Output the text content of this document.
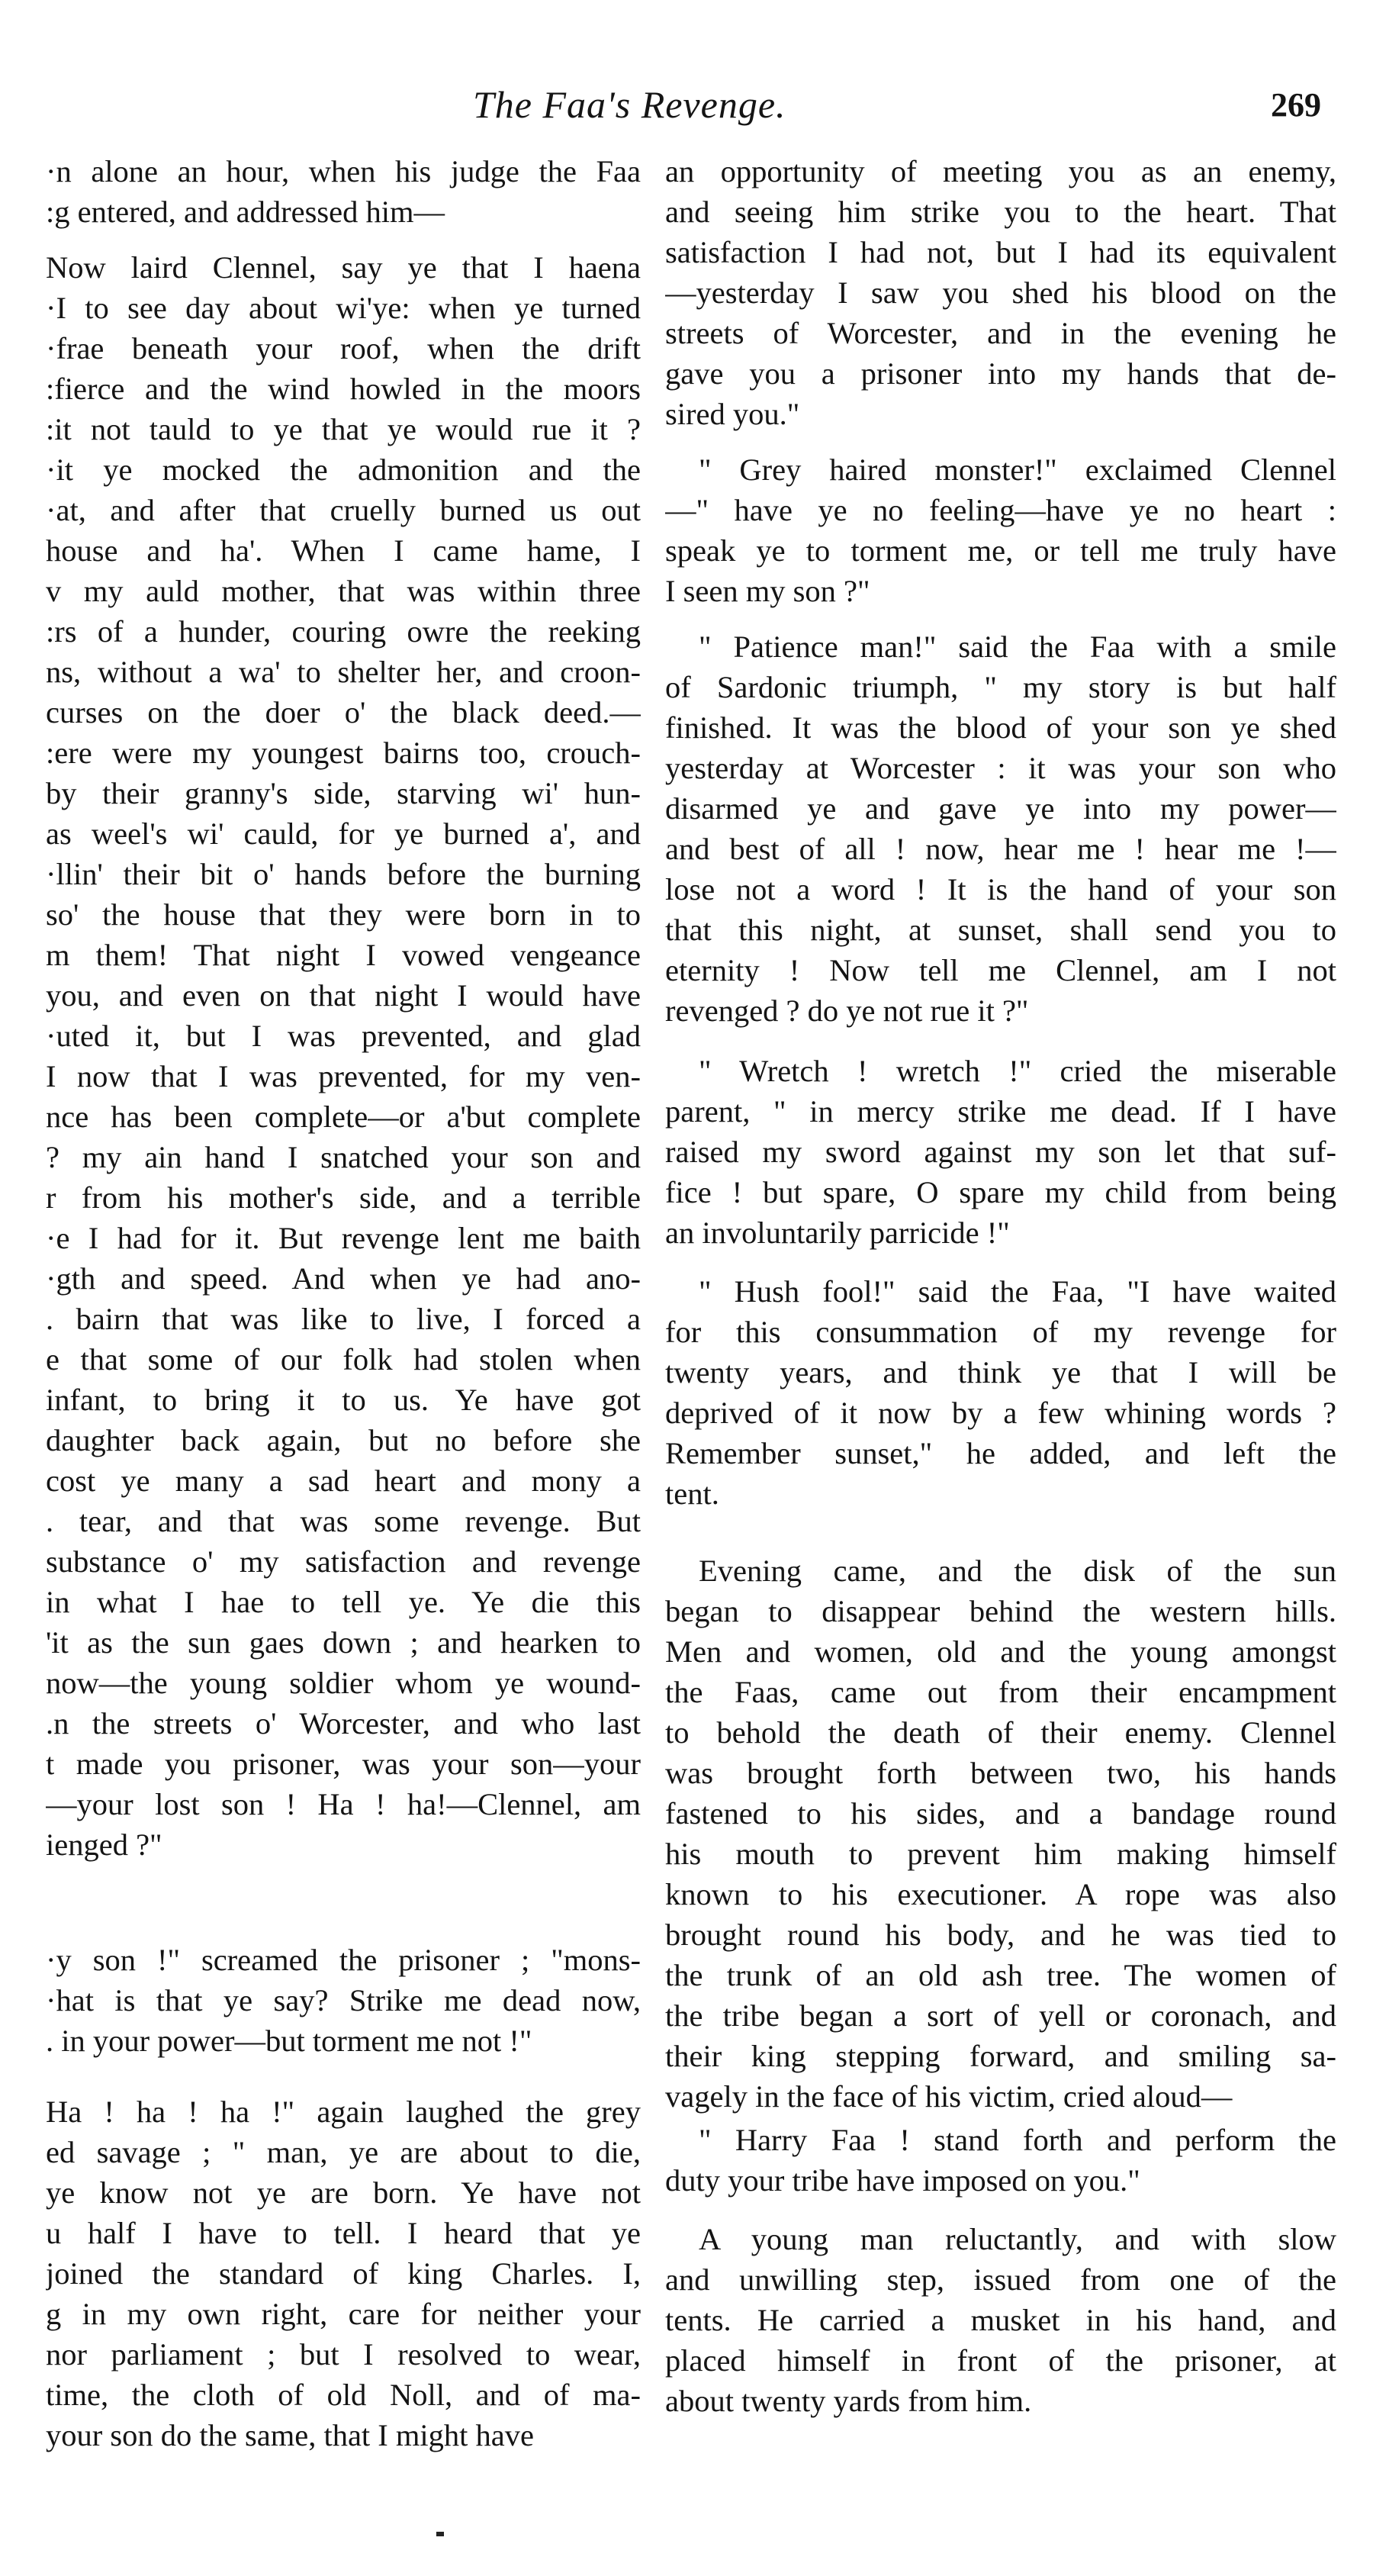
The Faa's Revenge.	269
·n alone an hour, when his judge the Faa
:g entered, and addressed him—
Now laird Clennel, say ye that I haena
·I to see day about wi'ye: when ye turned
·frae beneath your roof, when the drift
:fierce and the wind howled in the moors
:it not tauld to ye that ye would rue it ?
·it ye mocked the admonition and the
·at, and after that cruelly burned us out
house and ha'. When I came hame, I
v my auld mother, that was within three
:rs of a hunder, couring owre the reeking
ns, without a wa' to shelter her, and croon-
curses on the doer o' the black deed.—
:ere were my youngest bairns too, crouch-
by their granny's side, starving wi' hun-
as weel's wi' cauld, for ye burned a', and
·llin' their bit o' hands before the burning
so' the house that they were born in to
m them! That night I vowed vengeance
you, and even on that night I would have
·uted it, but I was prevented, and glad
I now that I was prevented, for my ven-
nce has been complete—or a'but complete
? my ain hand I snatched your son and
r from his mother's side, and a terrible
·e I had for it. But revenge lent me baith
·gth and speed. And when ye had ano-
. bairn that was like to live, I forced a
e that some of our folk had stolen when
infant, to bring it to us. Ye have got
daughter back again, but no before she
cost ye many a sad heart and mony a
. tear, and that was some revenge. But
substance o' my satisfaction and revenge
in what I hae to tell ye. Ye die this
'it as the sun gaes down ; and hearken to
now—the young soldier whom ye wound-
.n the streets o' Worcester, and who last
t made you prisoner, was your son—your
—your lost son ! Ha ! ha!—Clennel, am
ienged ?"
·y son !" screamed the prisoner ; "mons-
·hat is that ye say? Strike me dead now,
. in your power—but torment me not !"
Ha ! ha ! ha !" again laughed the grey
ed savage ; " man, ye are about to die,
ye know not ye are born. Ye have not
u half I have to tell. I heard that ye
joined the standard of king Charles. I,
g in my own right, care for neither your
nor parliament ; but I resolved to wear,
time, the cloth of old Noll, and of ma-
your son do the same, that I might have
an opportunity of meeting you as an enemy,
and seeing him strike you to the heart. That
satisfaction I had not, but I had its equivalent
—yesterday I saw you shed his blood on the
streets of Worcester, and in the evening he
gave you a prisoner into my hands that de-
sired you."
" Grey haired monster!" exclaimed Clennel
—" have ye no feeling—have ye no heart :
speak ye to torment me, or tell me truly have
I seen my son ?"
" Patience man!" said the Faa with a smile
of Sardonic triumph, " my story is but half
finished. It was the blood of your son ye shed
yesterday at Worcester : it was your son who
disarmed ye and gave ye into my power—
and best of all ! now, hear me ! hear me !—
lose not a word ! It is the hand of your son
that this night, at sunset, shall send you to
eternity ! Now tell me Clennel, am I not
revenged ? do ye not rue it ?"
" Wretch ! wretch !" cried the miserable
parent, " in mercy strike me dead. If I have
raised my sword against my son let that suf-
fice ! but spare, O spare my child from being
an involuntarily parricide !"
" Hush fool!" said the Faa, "I have waited
for this consummation of my revenge for
twenty years, and think ye that I will be
deprived of it now by a few whining words ?
Remember sunset," he added, and left the
tent.
Evening came, and the disk of the sun
began to disappear behind the western hills.
Men and women, old and the young amongst
the Faas, came out from their encampment
to behold the death of their enemy. Clennel
was brought forth between two, his hands
fastened to his sides, and a bandage round
his mouth to prevent him making himself
known to his executioner. A rope was also
brought round his body, and he was tied to
the trunk of an old ash tree. The women of
the tribe began a sort of yell or coronach, and
their king stepping forward, and smiling sa-
vagely in the face of his victim, cried aloud—
" Harry Faa ! stand forth and perform the
duty your tribe have imposed on you."
A young man reluctantly, and with slow
and unwilling step, issued from one of the
tents. He carried a musket in his hand, and
placed himself in front of the prisoner, at
about twenty yards from him.
